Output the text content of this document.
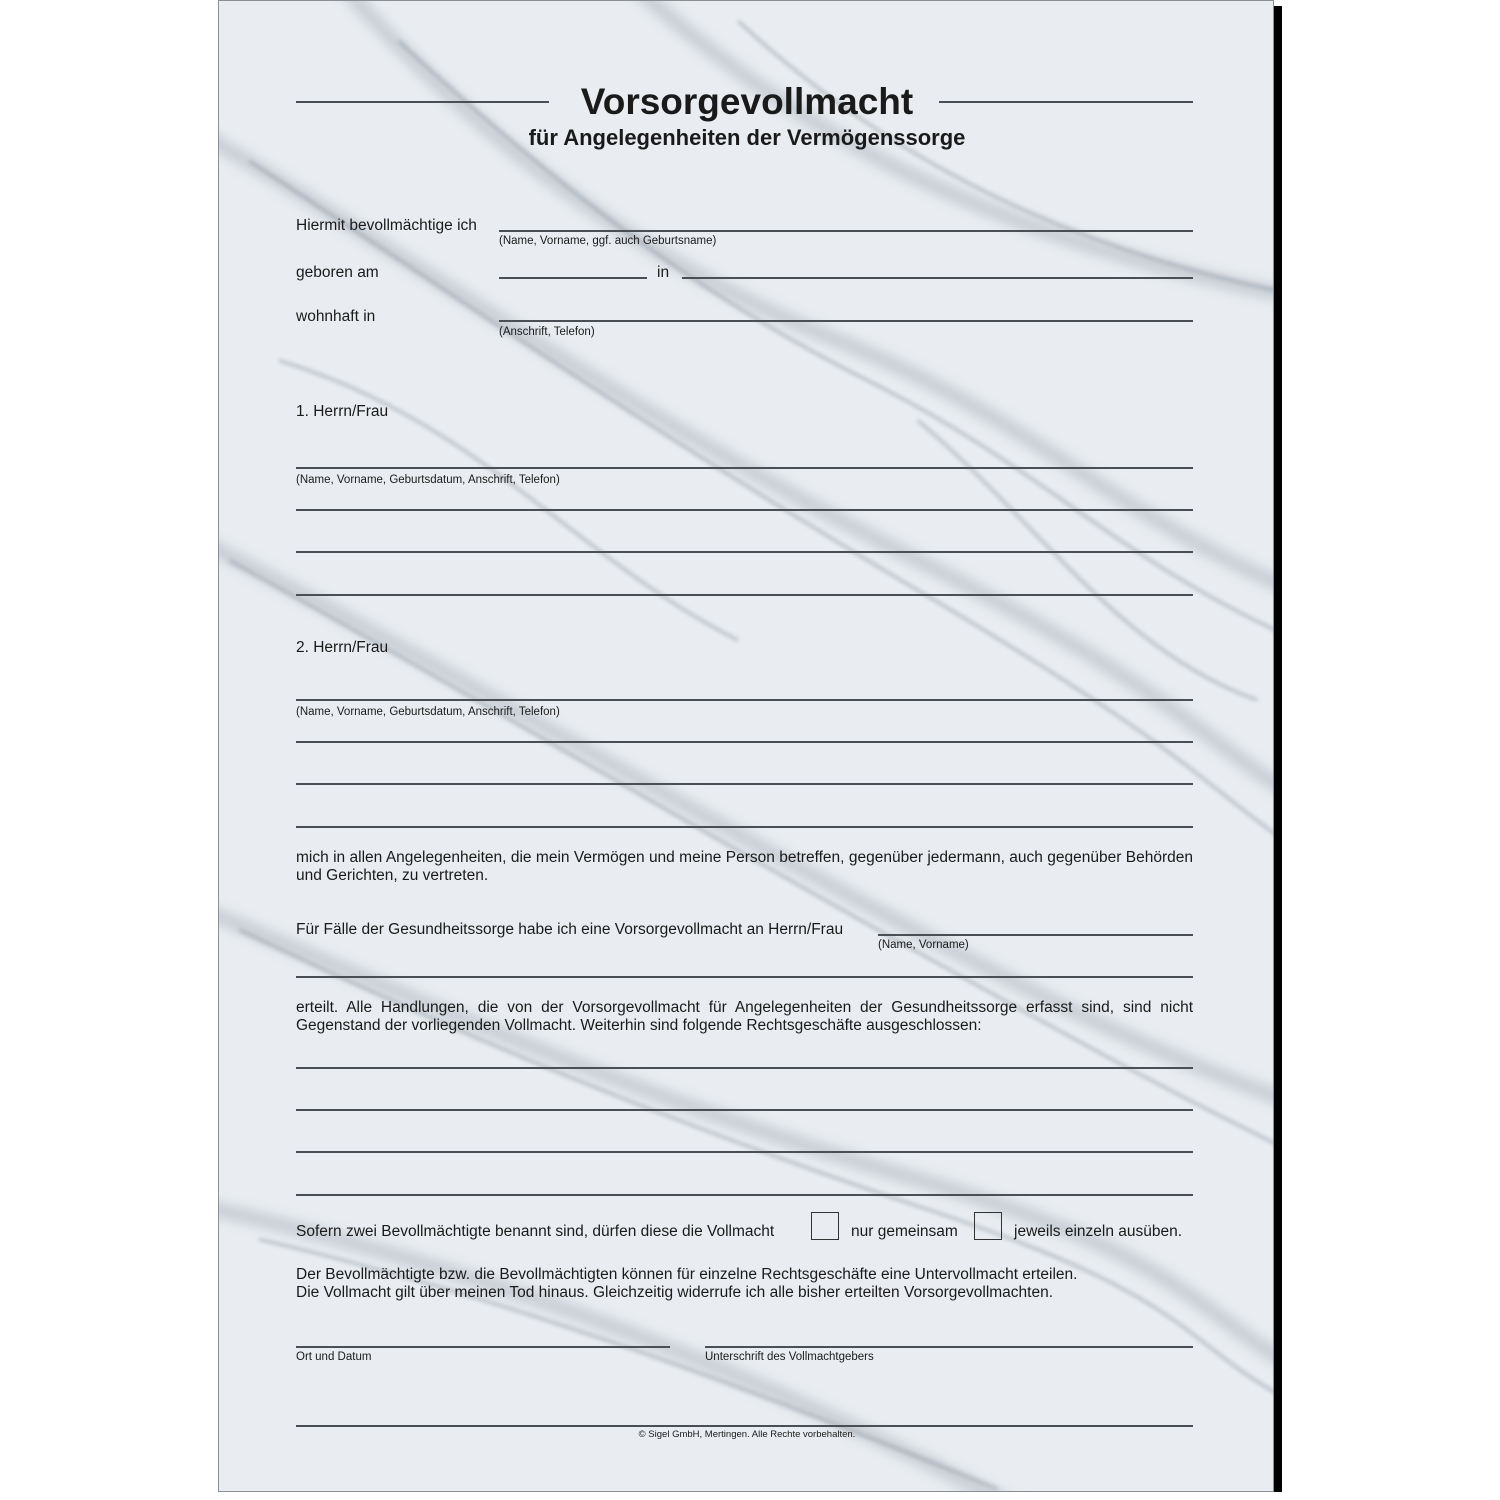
Vorsorgevollmacht
für Angelegenheiten der Vermögenssorge
Hiermit bevollmächtige ich
(Name, Vorname, ggf. auch Geburtsname)
geboren am	in
wohnhaft in
(Anschrift, Telefon)
1. Herrn/Frau
(Name, Vorname, Geburtsdatum, Anschrift, Telefon)
2. Herrn/Frau
(Name, Vorname, Geburtsdatum, Anschrift, Telefon)
mich in allen Angelegenheiten, die mein Vermögen und meine Person betreffen, gegenüber jedermann, auch gegenüber Behörden und Gerichten, zu vertreten.
Für Fälle der Gesundheitssorge habe ich eine Vorsorgevollmacht an Herrn/Frau
(Name, Vorname)
erteilt. Alle Handlungen, die von der Vorsorgevollmacht für Angelegenheiten der Gesundheitssorge erfasst sind, sind nicht Gegenstand der vorliegenden Vollmacht. Weiterhin sind folgende Rechtsgeschäfte ausgeschlossen:
Sofern zwei Bevollmächtigte benannt sind, dürfen diese die Vollmacht	nur gemeinsam	jeweils einzeln ausüben.
Der Bevollmächtigte bzw. die Bevollmächtigten können für einzelne Rechtsgeschäfte eine Untervollmacht erteilen.
Die Vollmacht gilt über meinen Tod hinaus. Gleichzeitig widerrufe ich alle bisher erteilten Vorsorgevollmachten.
Ort und Datum	Unterschrift des Vollmachtgebers
© Sigel GmbH, Mertingen. Alle Rechte vorbehalten.
